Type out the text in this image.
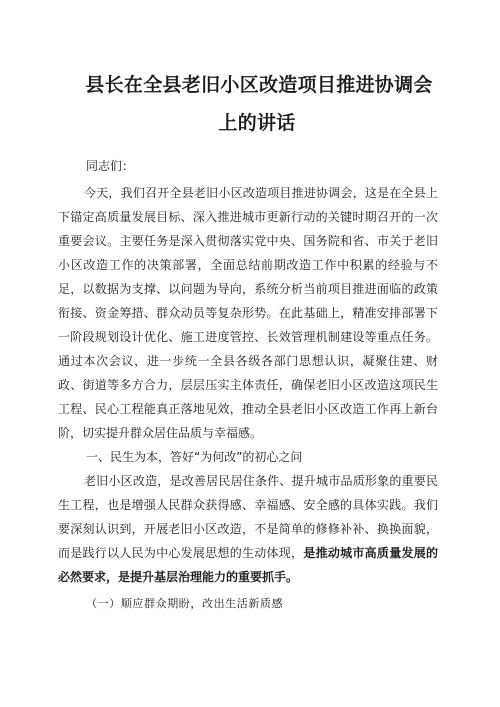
县长在全县老旧小区改造项目推进协调会
上的讲话

同志们：

今天，我们召开全县老旧小区改造项目推进协调会，这是在全县上下锚定高质量发展目标、深入推进城市更新行动的关键时期召开的一次重要会议。主要任务是深入贯彻落实党中央、国务院和省、市关于老旧小区改造工作的决策部署，全面总结前期改造工作中积累的经验与不足，以数据为支撑、以问题为导向，系统分析当前项目推进面临的政策衔接、资金筹措、群众动员等复杂形势。在此基础上，精准安排部署下一阶段规划设计优化、施工进度管控、长效管理机制建设等重点任务。通过本次会议，进一步统一全县各级各部门思想认识，凝聚住建、财政、街道等多方合力，层层压实主体责任，确保老旧小区改造这项民生工程、民心工程能真正落地见效，推动全县老旧小区改造工作再上新台阶，切实提升群众居住品质与幸福感。

一、民生为本，答好“为何改”的初心之问

老旧小区改造，是改善居民居住条件、提升城市品质形象的重要民生工程，也是增强人民群众获得感、幸福感、安全感的具体实践。我们要深刻认识到，开展老旧小区改造，不是简单的修修补补、换换面貌，而是践行以人民为中心发展思想的生动体现，是推动城市高质量发展的必然要求，是提升基层治理能力的重要抓手。

（一）顺应群众期盼，改出生活新质感
